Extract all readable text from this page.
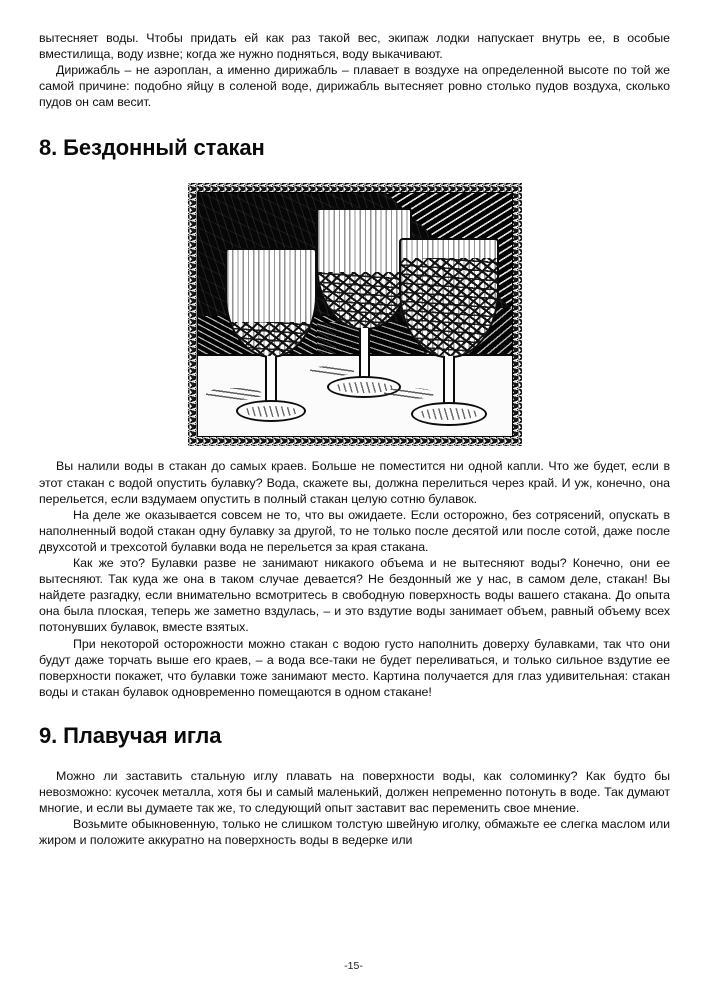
вытесняет воды. Чтобы придать ей как раз такой вес, экипаж лодки напускает внутрь ее, в особые вместилища, воду извне; когда же нужно подняться, воду выкачивают.

Дирижабль – не аэроплан, а именно дирижабль – плавает в воздухе на определенной высоте по той же самой причине: подобно яйцу в соленой воде, дирижабль вытесняет ровно столько пудов воздуха, сколько пудов он сам весит.

8. Бездонный стакан

Вы налили воды в стакан до самых краев. Больше не поместится ни одной капли. Что же будет, если в этот стакан с водой опустить булавку? Вода, скажете вы, должна перелиться через край. И уж, конечно, она перельется, если вздумаем опустить в полный стакан целую сотню булавок.

На деле же оказывается совсем не то, что вы ожидаете. Если осторожно, без сотрясений, опускать в наполненный водой стакан одну булавку за другой, то не только после десятой или после сотой, даже после двухсотой и трехсотой булавки вода не перельется за края стакана.

Как же это? Булавки разве не занимают никакого объема и не вытесняют воды? Конечно, они ее вытесняют. Так куда же она в таком случае девается? Не бездонный же у нас, в самом деле, стакан! Вы найдете разгадку, если внимательно всмотритесь в свободную поверхность воды вашего стакана. До опыта она была плоская, теперь же заметно вздулась, – и это вздутие воды занимает объем, равный объему всех потонувших булавок, вместе взятых.

При некоторой осторожности можно стакан с водою густо наполнить доверху булавками, так что они будут даже торчать выше его краев, – а вода все-таки не будет переливаться, и только сильное вздутие ее поверхности покажет, что булавки тоже занимают место. Картина получается для глаз удивительная: стакан воды и стакан булавок одновременно помещаются в одном стакане!

9. Плавучая игла

Можно ли заставить стальную иглу плавать на поверхности воды, как соломинку? Как будто бы невозможно: кусочек металла, хотя бы и самый маленький, должен непременно потонуть в воде. Так думают многие, и если вы думаете так же, то следующий опыт заставит вас переменить свое мнение.

Возьмите обыкновенную, только не слишком толстую швейную иголку, обмажьте ее слегка маслом или жиром и положите аккуратно на поверхность воды в ведерке или

-15-
